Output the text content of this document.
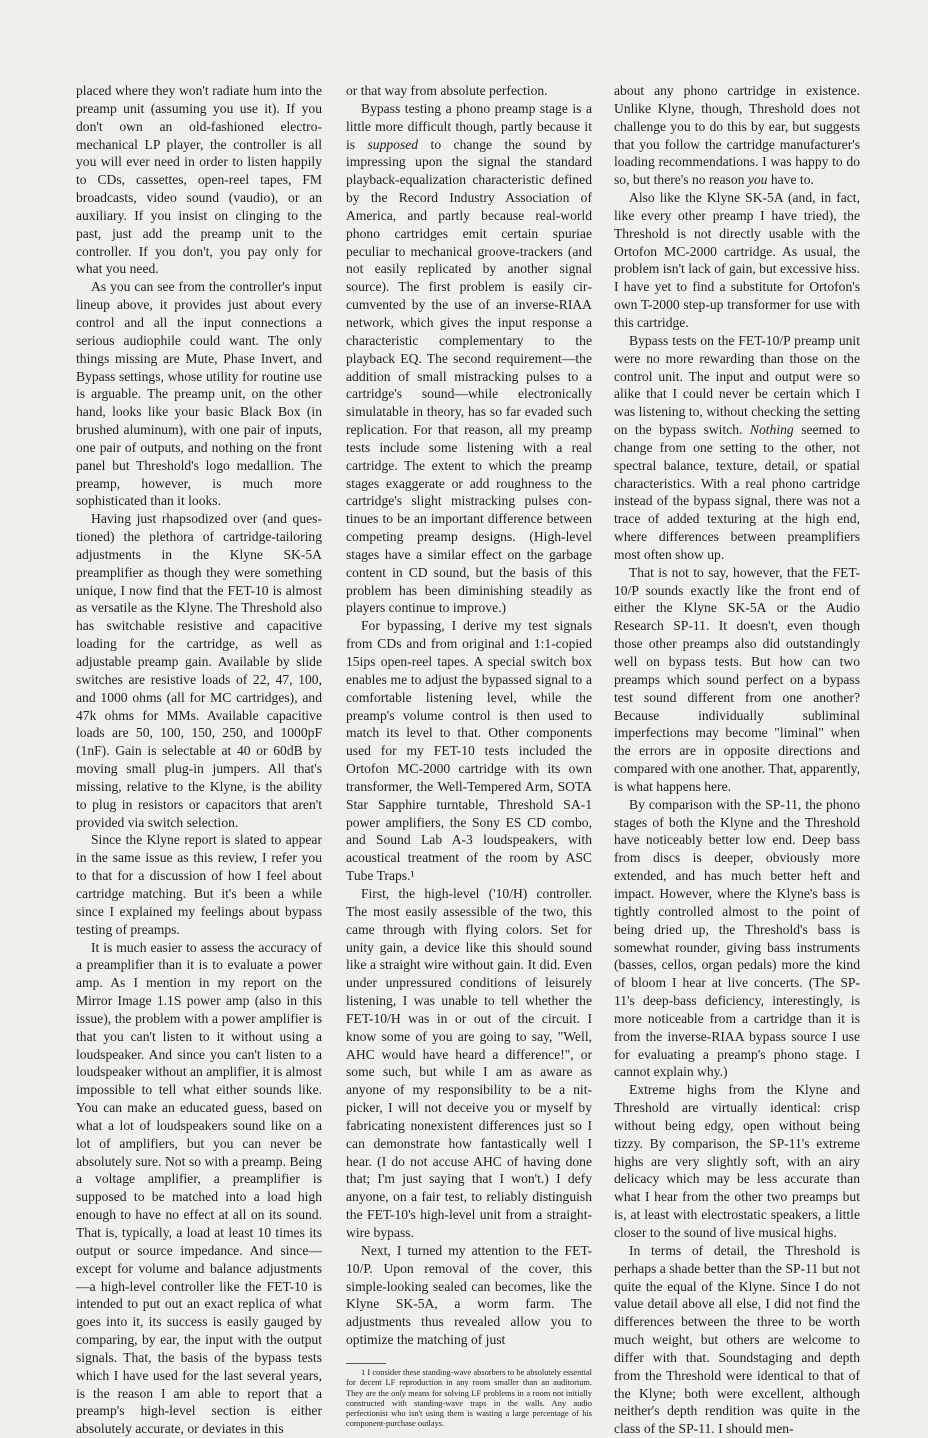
placed where they won't radiate hum into the preamp unit (assuming you use it). If you don't own an old-fashioned electro-mechanical LP player, the controller is all you will ever need in order to listen happily to CDs, cassettes, open-reel tapes, FM broadcasts, video sound (vaudio), or an auxiliary. If you insist on clinging to the past, just add the preamp unit to the controller. If you don't, you pay only for what you need.

As you can see from the controller's input lineup above, it provides just about every control and all the input connections a serious audiophile could want. The only things missing are Mute, Phase Invert, and Bypass settings, whose utility for routine use is arguable. The preamp unit, on the other hand, looks like your basic Black Box (in brushed aluminum), with one pair of inputs, one pair of outputs, and nothing on the front panel but Threshold's logo medallion. The preamp, however, is much more sophisticated than it looks.

Having just rhapsodized over (and questioned) the plethora of cartridge-tailoring adjustments in the Klyne SK-5A preamplifier as though they were something unique, I now find that the FET-10 is almost as versatile as the Klyne. The Threshold also has switchable resistive and capacitive loading for the cartridge, as well as adjustable preamp gain. Available by slide switches are resistive loads of 22, 47, 100, and 1000 ohms (all for MC cartridges), and 47k ohms for MMs. Available capacitive loads are 50, 100, 150, 250, and 1000pF (1nF). Gain is selectable at 40 or 60dB by moving small plug-in jumpers. All that's missing, relative to the Klyne, is the ability to plug in resistors or capacitors that aren't provided via switch selection.

Since the Klyne report is slated to appear in the same issue as this review, I refer you to that for a discussion of how I feel about cartridge matching. But it's been a while since I explained my feelings about bypass testing of preamps.

It is much easier to assess the accuracy of a preamplifier than it is to evaluate a power amp. As I mention in my report on the Mirror Image 1.1S power amp (also in this issue), the problem with a power amplifier is that you can't listen to it without using a loudspeaker. And since you can't listen to a loudspeaker without an amplifier, it is almost impossible to tell what either sounds like. You can make an educated guess, based on what a lot of loudspeakers sound like on a lot of amplifiers, but you can never be absolutely sure. Not so with a preamp. Being a voltage amplifier, a preamplifier is supposed to be matched into a load high enough to have no effect at all on its sound. That is, typically, a load at least 10 times its output or source impedance. And since—except for volume and balance adjustments—a high-level controller like the FET-10 is intended to put out an exact replica of what goes into it, its success is easily gauged by comparing, by ear, the input with the output signals. That, the basis of the bypass tests which I have used for the last several years, is the reason I am able to report that a preamp's high-level section is either absolutely accurate, or deviates in this

or that way from absolute perfection.

Bypass testing a phono preamp stage is a little more difficult though, partly because it is supposed to change the sound by impressing upon the signal the standard playback-equalization characteristic defined by the Record Industry Association of America, and partly because real-world phono cartridges emit certain spuriae peculiar to mechanical groove-trackers (and not easily replicated by another signal source). The first problem is easily circumvented by the use of an inverse-RIAA network, which gives the input response a characteristic complementary to the playback EQ. The second requirement—the addition of small mistracking pulses to a cartridge's sound—while electronically simulatable in theory, has so far evaded such replication. For that reason, all my preamp tests include some listening with a real cartridge. The extent to which the preamp stages exaggerate or add roughness to the cartridge's slight mistracking pulses continues to be an important difference between competing preamp designs. (High-level stages have a similar effect on the garbage content in CD sound, but the basis of this problem has been diminishing steadily as players continue to improve.)

For bypassing, I derive my test signals from CDs and from original and 1:1-copied 15ips open-reel tapes. A special switch box enables me to adjust the bypassed signal to a comfortable listening level, while the preamp's volume control is then used to match its level to that. Other components used for my FET-10 tests included the Ortofon MC-2000 cartridge with its own transformer, the Well-Tempered Arm, SOTA Star Sapphire turntable, Threshold SA-1 power amplifiers, the Sony ES CD combo, and Sound Lab A-3 loudspeakers, with acoustical treatment of the room by ASC Tube Traps.¹

First, the high-level ('10/H) controller. The most easily assessible of the two, this came through with flying colors. Set for unity gain, a device like this should sound like a straight wire without gain. It did. Even under unpressured conditions of leisurely listening, I was unable to tell whether the FET-10/H was in or out of the circuit. I know some of you are going to say, "Well, AHC would have heard a difference!", or some such, but while I am as aware as anyone of my responsibility to be a nit-picker, I will not deceive you or myself by fabricating nonexistent differences just so I can demonstrate how fantastically well I hear. (I do not accuse AHC of having done that; I'm just saying that I won't.) I defy anyone, on a fair test, to reliably distinguish the FET-10's high-level unit from a straight-wire bypass.

Next, I turned my attention to the FET-10/P. Upon removal of the cover, this simple-looking sealed can becomes, like the Klyne SK-5A, a worm farm. The adjustments thus revealed allow you to optimize the matching of just

1 I consider these standing-wave absorbers to be absolutely essential for decent LF reproduction in any room smaller than an auditorium. They are the only means for solving LF problems in a room not initially constructed with standing-wave traps in the walls. Any audio perfectionist who isn't using them is wasting a large percentage of his component-purchase outlays.

about any phono cartridge in existence. Unlike Klyne, though, Threshold does not challenge you to do this by ear, but suggests that you follow the cartridge manufacturer's loading recommendations. I was happy to do so, but there's no reason you have to.

Also like the Klyne SK-5A (and, in fact, like every other preamp I have tried), the Threshold is not directly usable with the Ortofon MC-2000 cartridge. As usual, the problem isn't lack of gain, but excessive hiss. I have yet to find a substitute for Ortofon's own T-2000 step-up transformer for use with this cartridge.

Bypass tests on the FET-10/P preamp unit were no more rewarding than those on the control unit. The input and output were so alike that I could never be certain which I was listening to, without checking the setting on the bypass switch. Nothing seemed to change from one setting to the other, not spectral balance, texture, detail, or spatial characteristics. With a real phono cartridge instead of the bypass signal, there was not a trace of added texturing at the high end, where differences between preamplifiers most often show up.

That is not to say, however, that the FET-10/P sounds exactly like the front end of either the Klyne SK-5A or the Audio Research SP-11. It doesn't, even though those other preamps also did outstandingly well on bypass tests. But how can two preamps which sound perfect on a bypass test sound different from one another? Because individually subliminal imperfections may become "liminal" when the errors are in opposite directions and compared with one another. That, apparently, is what happens here.

By comparison with the SP-11, the phono stages of both the Klyne and the Threshold have noticeably better low end. Deep bass from discs is deeper, obviously more extended, and has much better heft and impact. However, where the Klyne's bass is tightly controlled almost to the point of being dried up, the Threshold's bass is somewhat rounder, giving bass instruments (basses, cellos, organ pedals) more the kind of bloom I hear at live concerts. (The SP-11's deep-bass deficiency, interestingly, is more noticeable from a cartridge than it is from the inverse-RIAA bypass source I use for evaluating a preamp's phono stage. I cannot explain why.)

Extreme highs from the Klyne and Threshold are virtually identical: crisp without being edgy, open without being tizzy. By comparison, the SP-11's extreme highs are very slightly soft, with an airy delicacy which may be less accurate than what I hear from the other two preamps but is, at least with electrostatic speakers, a little closer to the sound of live musical highs.

In terms of detail, the Threshold is perhaps a shade better than the SP-11 but not quite the equal of the Klyne. Since I do not value detail above all else, I did not find the differences between the three to be worth much weight, but others are welcome to differ with that. Soundstaging and depth from the Threshold were identical to that of the Klyne; both were excellent, although neither's depth rendition was quite in the class of the SP-11. I should men-
